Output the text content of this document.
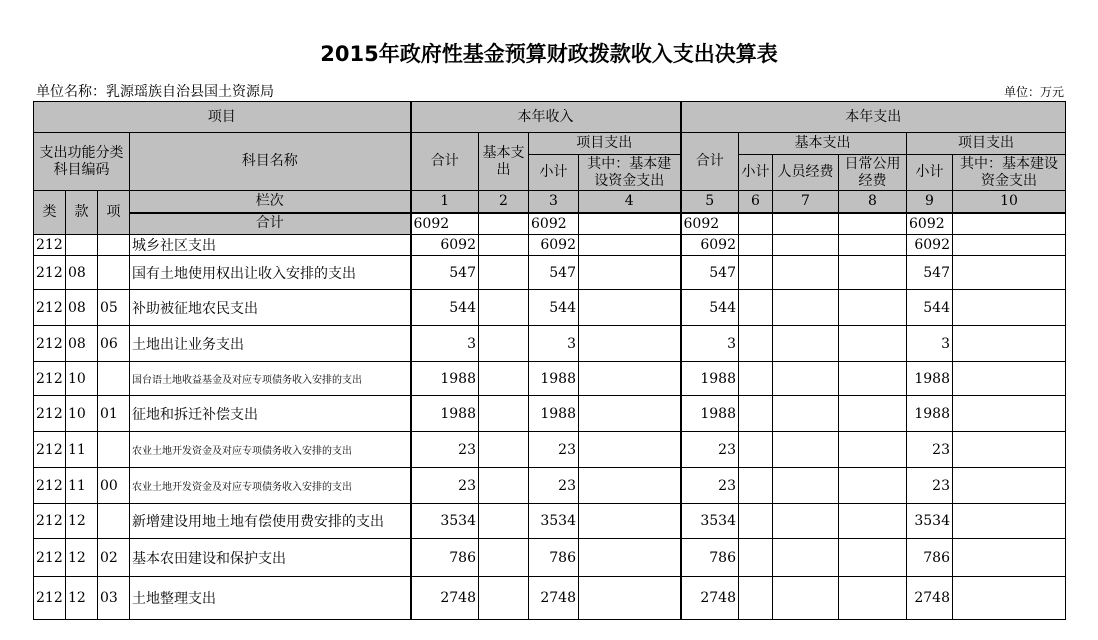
2015年政府性基金预算财政拨款收入支出决算表
单位名称：乳源瑶族自治县国土资源局	单位：万元
项目				本年收入				本年支出					
支出功能分类科目编码			科目名称	合计	基本支出	项目支出		合计	基本支出			项目支出	
						小计	其中：基本建设资金支出		小计	人员经费	日常公用经费	小计	其中：基本建设资金支出
类	款	项	栏次	1	2	3	4	5	6	7	8	9	10
			合计	6092		6092		6092				6092	
212			城乡社区支出	6092		6092		6092				6092	
212	08		国有土地使用权出让收入安排的支出	547		547		547				547	
212	08	05	补助被征地农民支出	544		544		544				544	
212	08	06	土地出让业务支出	3		3		3				3	
212	10		国台语土地收益基金及对应专项债务收入安排的支出	1988		1988		1988				1988	
212	10	01	征地和拆迁补偿支出	1988		1988		1988				1988	
212	11		农业土地开发资金及对应专项债务收入安排的支出	23		23		23				23	
212	11	00	农业土地开发资金及对应专项债务收入安排的支出	23		23		23				23	
212	12		新增建设用地土地有偿使用费安排的支出	3534		3534		3534				3534	
212	12	02	基本农田建设和保护支出	786		786		786				786	
212	12	03	土地整理支出	2748		2748		2748				2748	
